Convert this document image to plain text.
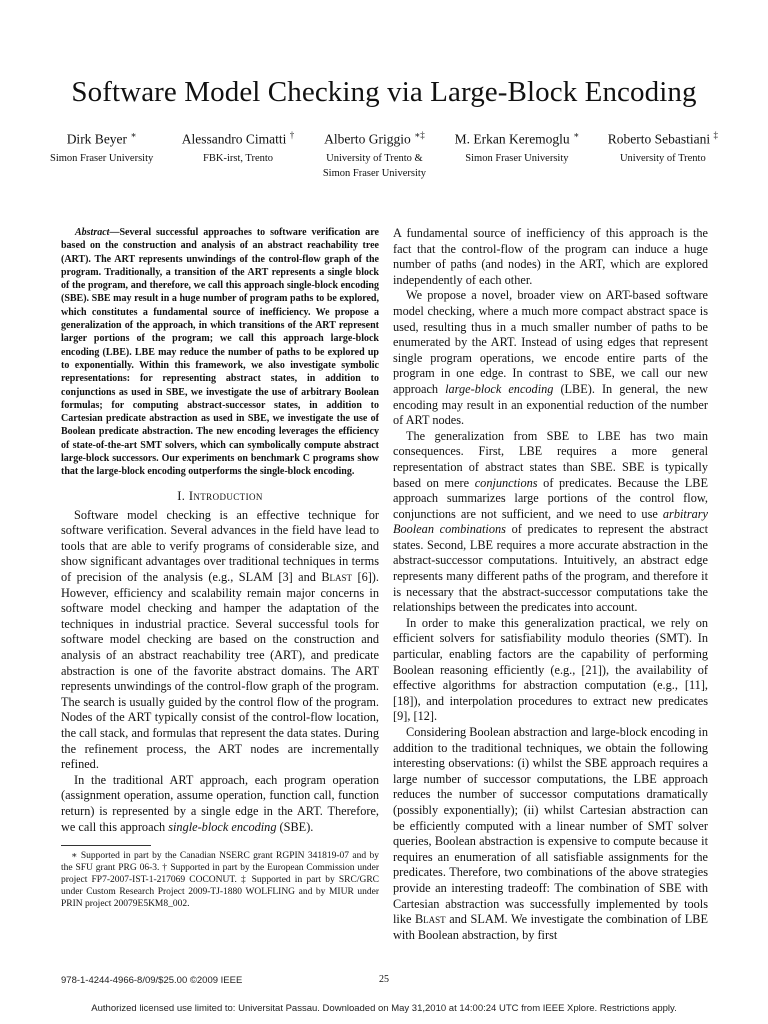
Software Model Checking via Large-Block Encoding
Dirk Beyer ∗
Simon Fraser University
Alessandro Cimatti †
FBK-irst, Trento
Alberto Griggio ∗‡
University of Trento &
Simon Fraser University
M. Erkan Keremoglu ∗
Simon Fraser University
Roberto Sebastiani ‡
University of Trento

Abstract—Several successful approaches to software verification are based on the construction and analysis of an abstract reachability tree (ART). The ART represents unwindings of the control-flow graph of the program. Traditionally, a transition of the ART represents a single block of the program, and therefore, we call this approach single-block encoding (SBE). SBE may result in a huge number of program paths to be explored, which constitutes a fundamental source of inefficiency. We propose a generalization of the approach, in which transitions of the ART represent larger portions of the program; we call this approach large-block encoding (LBE). LBE may reduce the number of paths to be explored up to exponentially. Within this framework, we also investigate symbolic representations: for representing abstract states, in addition to conjunctions as used in SBE, we investigate the use of arbitrary Boolean formulas; for computing abstract-successor states, in addition to Cartesian predicate abstraction as used in SBE, we investigate the use of Boolean predicate abstraction. The new encoding leverages the efficiency of state-of-the-art SMT solvers, which can symbolically compute abstract large-block successors. Our experiments on benchmark C programs show that the large-block encoding outperforms the single-block encoding.

I. Introduction

Software model checking is an effective technique for software verification. Several advances in the field have lead to tools that are able to verify programs of considerable size, and show significant advantages over traditional techniques in terms of precision of the analysis (e.g., SLAM [3] and Blast [6]). However, efficiency and scalability remain major concerns in software model checking and hamper the adaptation of the techniques in industrial practice. Several successful tools for software model checking are based on the construction and analysis of an abstract reachability tree (ART), and predicate abstraction is one of the favorite abstract domains. The ART represents unwindings of the control-flow graph of the program. The search is usually guided by the control flow of the program. Nodes of the ART typically consist of the control-flow location, the call stack, and formulas that represent the data states. During the refinement process, the ART nodes are incrementally refined.

In the traditional ART approach, each program operation (assignment operation, assume operation, function call, function return) is represented by a single edge in the ART. Therefore, we call this approach single-block encoding (SBE).

∗ Supported in part by the Canadian NSERC grant RGPIN 341819-07 and by the SFU grant PRG 06-3. † Supported in part by the European Commission under project FP7-2007-IST-1-217069 COCONUT. ‡ Supported in part by SRC/GRC under Custom Research Project 2009-TJ-1880 WOLFLING and by MIUR under PRIN project 20079E5KM8_002.

A fundamental source of inefficiency of this approach is the fact that the control-flow of the program can induce a huge number of paths (and nodes) in the ART, which are explored independently of each other.

We propose a novel, broader view on ART-based software model checking, where a much more compact abstract space is used, resulting thus in a much smaller number of paths to be enumerated by the ART. Instead of using edges that represent single program operations, we encode entire parts of the program in one edge. In contrast to SBE, we call our new approach large-block encoding (LBE). In general, the new encoding may result in an exponential reduction of the number of ART nodes.

The generalization from SBE to LBE has two main consequences. First, LBE requires a more general representation of abstract states than SBE. SBE is typically based on mere conjunctions of predicates. Because the LBE approach summarizes large portions of the control flow, conjunctions are not sufficient, and we need to use arbitrary Boolean combinations of predicates to represent the abstract states. Second, LBE requires a more accurate abstraction in the abstract-successor computations. Intuitively, an abstract edge represents many different paths of the program, and therefore it is necessary that the abstract-successor computations take the relationships between the predicates into account.

In order to make this generalization practical, we rely on efficient solvers for satisfiability modulo theories (SMT). In particular, enabling factors are the capability of performing Boolean reasoning efficiently (e.g., [21]), the availability of effective algorithms for abstraction computation (e.g., [11], [18]), and interpolation procedures to extract new predicates [9], [12].

Considering Boolean abstraction and large-block encoding in addition to the traditional techniques, we obtain the following interesting observations: (i) whilst the SBE approach requires a large number of successor computations, the LBE approach reduces the number of successor computations dramatically (possibly exponentially); (ii) whilst Cartesian abstraction can be efficiently computed with a linear number of SMT solver queries, Boolean abstraction is expensive to compute because it requires an enumeration of all satisfiable assignments for the predicates. Therefore, two combinations of the above strategies provide an interesting tradeoff: The combination of SBE with Cartesian abstraction was successfully implemented by tools like Blast and SLAM. We investigate the combination of LBE with Boolean abstraction, by first

978-1-4244-4966-8/09/$25.00 ©2009 IEEE	25
Authorized licensed use limited to: Universitat Passau. Downloaded on May 31,2010 at 14:00:24 UTC from IEEE Xplore. Restrictions apply.
